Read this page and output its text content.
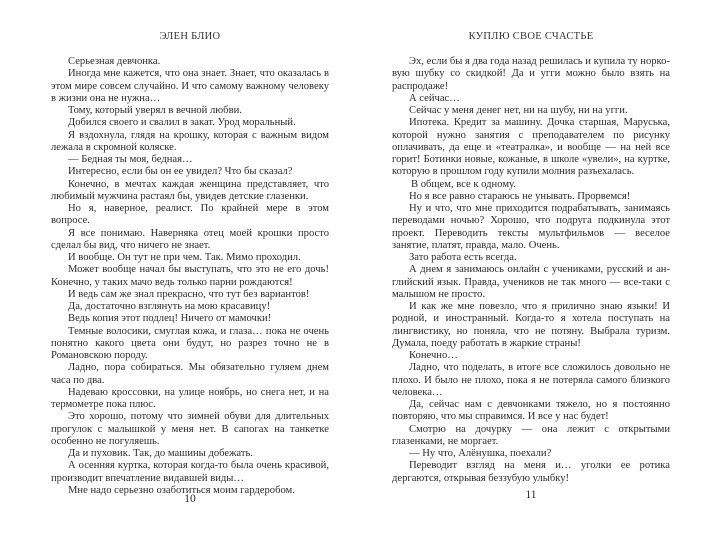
ЭЛЕН БЛИО

Серьезная девчонка.

Иногда мне кажется, что она знает. Знает, что оказалась в этом мире совсем случайно. И что самому важному человеку в жизни она не нужна…

Тому, который уверял в вечной любви.

Добился своего и свалил в закат. Урод моральный.

Я вздохнула, глядя на крошку, которая с важным видом лежала в скромной коляске.

— Бедная ты моя, бедная…

Интересно, если бы он ее увидел? Что бы сказал?

Конечно, в мечтах каждая женщина представляет, что любимый мужчина растаял бы, увидев детские глазенки.

Но я, наверное, реалист. По крайней мере в этом вопросе.

Я все понимаю. Наверняка отец моей крошки просто сделал бы вид, что ничего не знает.

И вообще. Он тут не при чем. Так. Мимо проходил.

Может вообще начал бы выступать, что это не его дочь! Конечно, у таких мачо ведь только парни рождаются!

И ведь сам же знал прекрасно, что тут без вариантов!

Да, достаточно взглянуть на мою красавицу!

Ведь копия этот подлец! Ничего от мамочки!

Темные волосики, смуглая кожа, и глаза… пока не очень понятно какого цвета они будут, но разрез точно не в Романовскою породу.

Ладно, пора собираться. Мы обязательно гуляем днем часа по два.

Надеваю кроссовки, на улице ноябрь, но снега нет, и на термометре пока плюс.

Это хорошо, потому что зимней обуви для длительных прогулок с малышкой у меня нет. В сапогах на танкетке особенно не погуляешь.

Да и пуховик. Так, до машины добежать.

А осенняя куртка, которая когда-то была очень красивой, производит впечатление видавшей виды…

Мне надо серьезно озаботиться моим гардеробом.

10
КУПЛЮ СВОЕ СЧАСТЬЕ

Эх, если бы я два года назад решилась и купила ту норковую шубку со скидкой! Да и угги можно было взять на распродаже!

А сейчас…

Сейчас у меня денег нет, ни на шубу, ни на угги.

Ипотека. Кредит за машину. Дочка старшая, Маруська, которой нужно занятия с преподавателем по рисунку оплачивать, да еще и «театралка», и вообще — на ней все горит! Ботинки новые, кожаные, в школе «увели», на куртке, которую в прошлом году купили молния разъехалась.

В общем, все к одному.

Но я все равно стараюсь не унывать. Прорвемся!

Ну и что, что мне приходится подрабатывать, занимаясь переводами ночью? Хорошо, что подруга подкинула этот проект. Переводить тексты мультфильмов — веселое занятие, платят, правда, мало. Очень.

Зато работа есть всегда.

А днем я занимаюсь онлайн с учениками, русский и английский язык. Правда, учеников не так много — все-таки с малышом не просто.

И как же мне повезло, что я прилично знаю языки! И родной, и иностранный. Когда-то я хотела поступать на лингвистику, но поняла, что не потяну. Выбрала туризм. Думала, поеду работать в жаркие страны!

Конечно…

Ладно, что поделать, в итоге все сложилось довольно не плохо. И было не плохо, пока я не потеряла самого близкого человека…

Да, сейчас нам с девчонками тяжело, но я постоянно повторяю, что мы справимся. И все у нас будет!

Смотрю на дочурку — она лежит с открытыми глазенками, не моргает.

— Ну что, Алёнушка, поехали?

Переводит взгляд на меня и… уголки ее ротика дергаются, открывая беззубую улыбку!

11
